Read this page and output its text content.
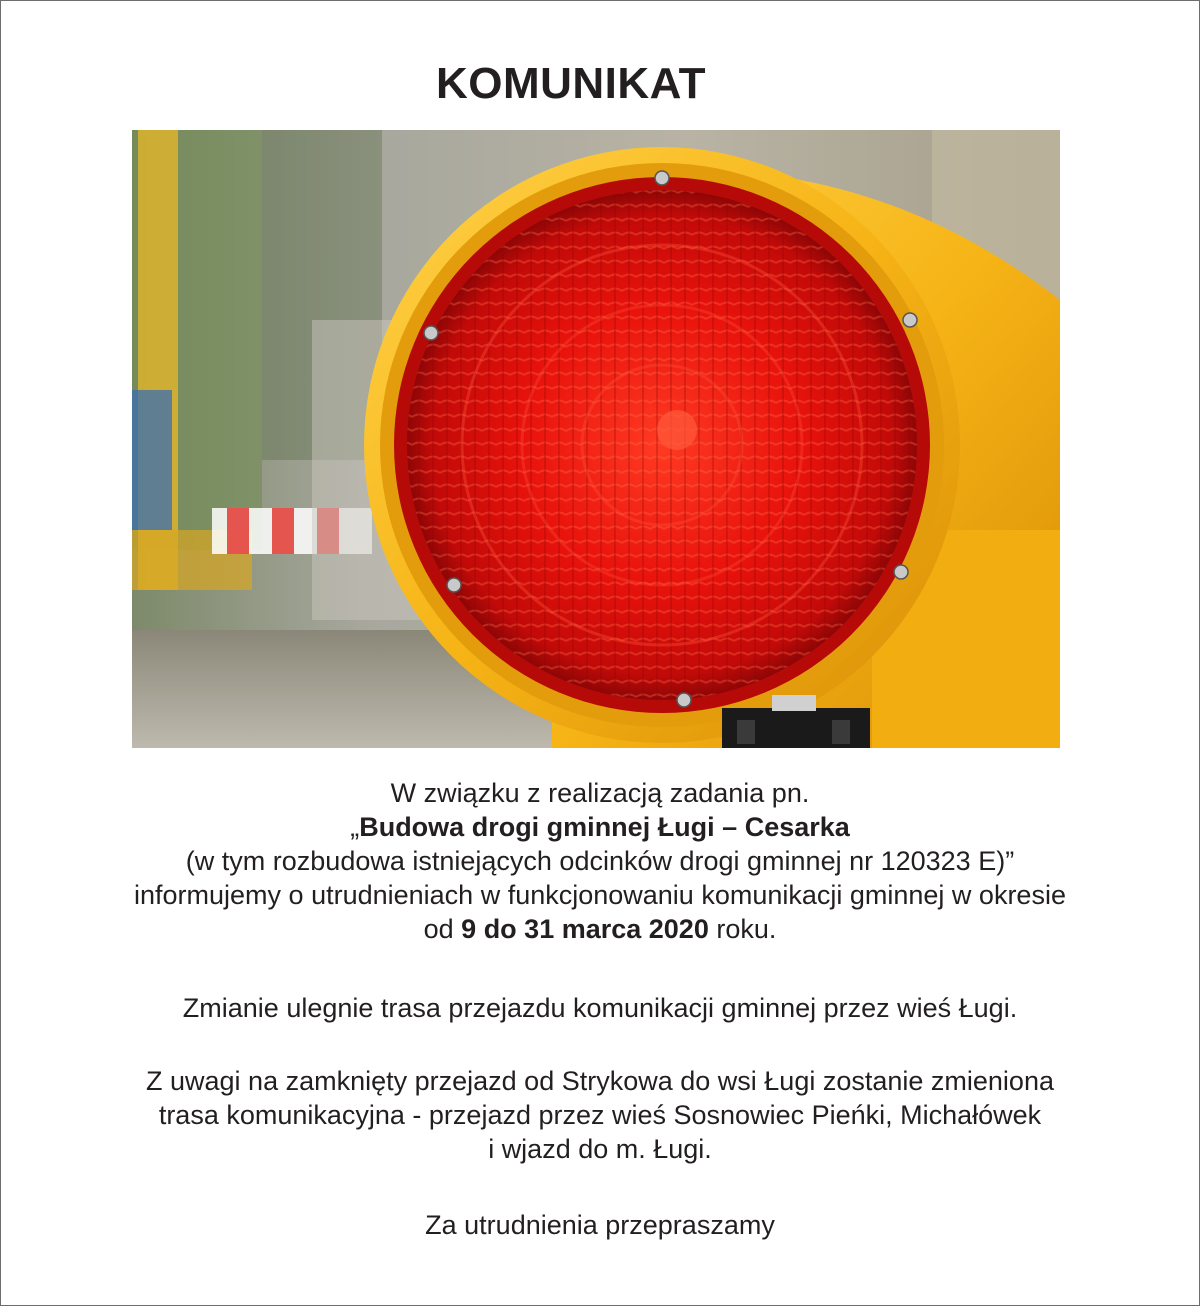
KOMUNIKAT
W związku z realizacją zadania pn.
„Budowa drogi gminnej Ługi – Cesarka
(w tym rozbudowa istniejących odcinków drogi gminnej nr 120323 E)”
informujemy o utrudnieniach w funkcjonowaniu komunikacji gminnej w okresie
od 9 do 31 marca 2020 roku.
Zmianie ulegnie trasa przejazdu komunikacji gminnej przez wieś Ługi.
Z uwagi na zamknięty przejazd od Strykowa do wsi Ługi zostanie zmieniona
trasa komunikacyjna - przejazd przez wieś Sosnowiec Pieńki, Michałówek
i wjazd do m. Ługi.
Za utrudnienia przepraszamy
